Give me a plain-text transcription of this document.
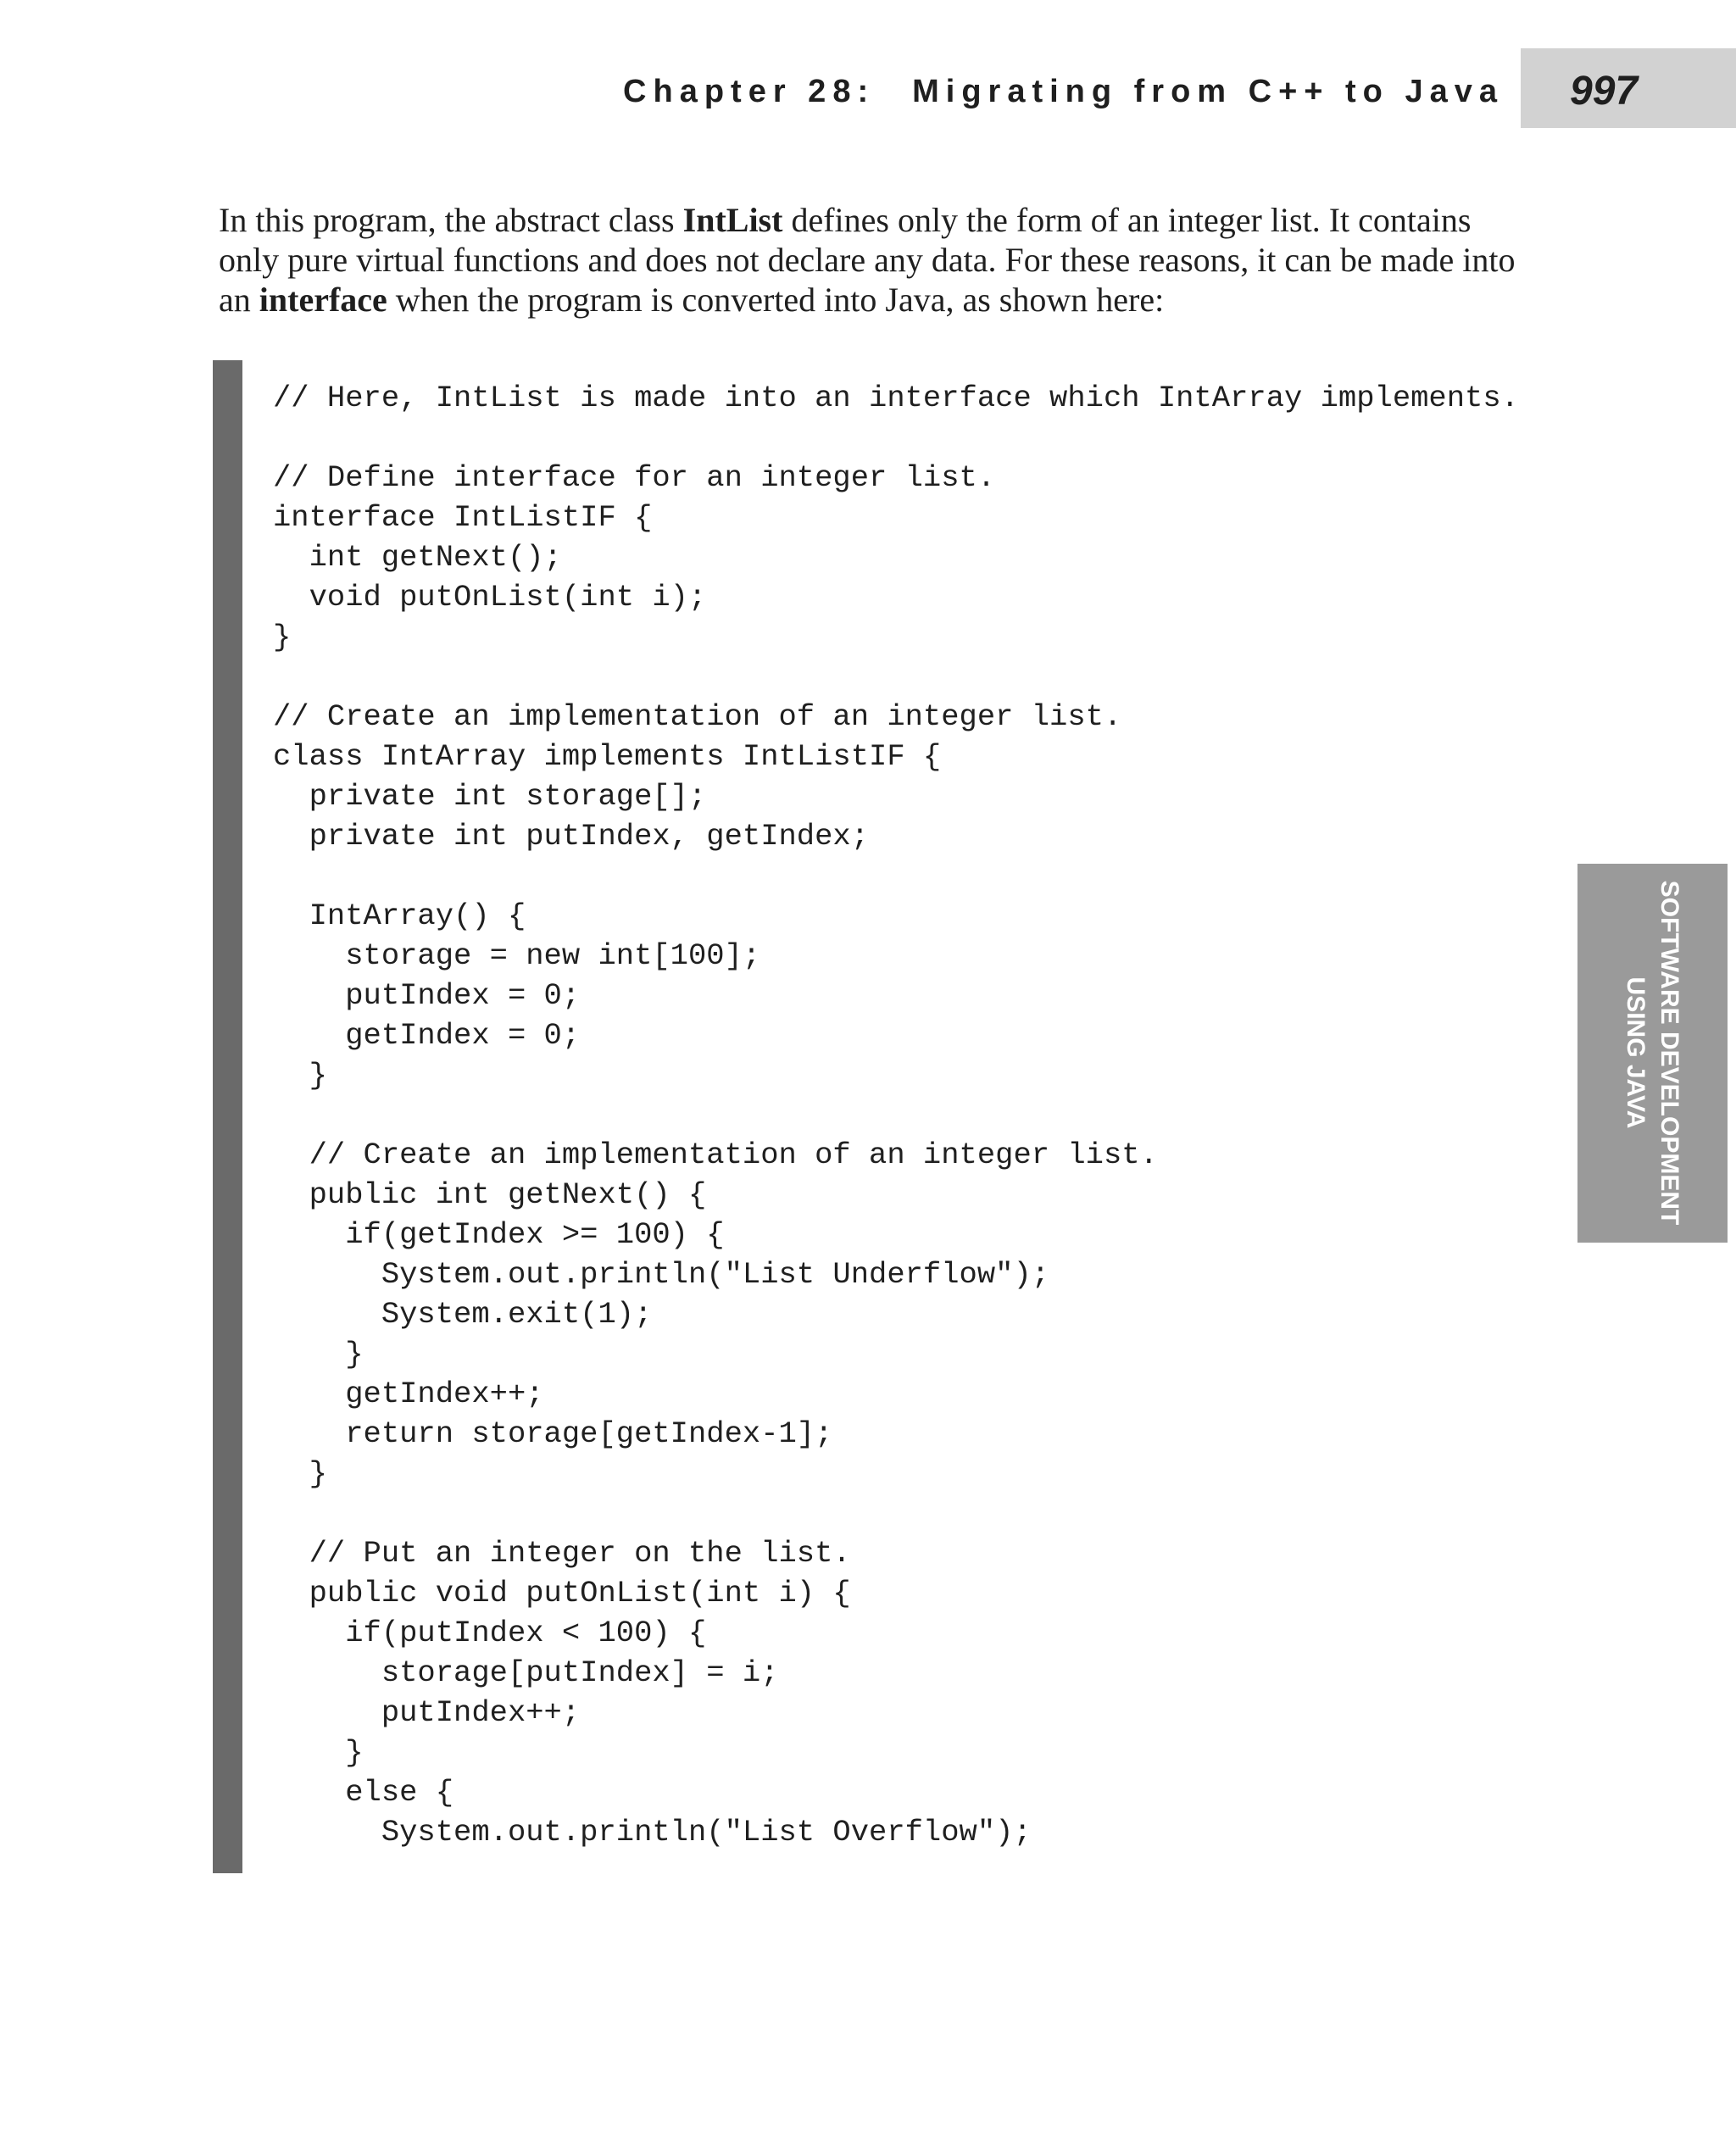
Chapter 28: Migrating from C++ to Java 997

In this program, the abstract class IntList defines only the form of an integer list. It contains only pure virtual functions and does not declare any data. For these reasons, it can be made into an interface when the program is converted into Java, as shown here:

// Here, IntList is made into an interface which IntArray implements.
// Define interface for an integer list.
interface IntListIF {
int getNext();
void putOnList(int i);
}
// Create an implementation of an integer list.
class IntArray implements IntListIF {
private int storage[];
private int putIndex, getIndex;
IntArray() {
storage = new int[100];
putIndex = 0;
getIndex = 0;
}
// Create an implementation of an integer list.
public int getNext() {
if(getIndex >= 100) {
System.out.println("List Underflow");
System.exit(1);
}
getIndex++;
return storage[getIndex-1];
}
// Put an integer on the list.
public void putOnList(int i) {
if(putIndex < 100) {
storage[putIndex] = i;
putIndex++;
}
else {
System.out.println("List Overflow");
SOFTWARE DEVELOPMENT
USING JAVA
